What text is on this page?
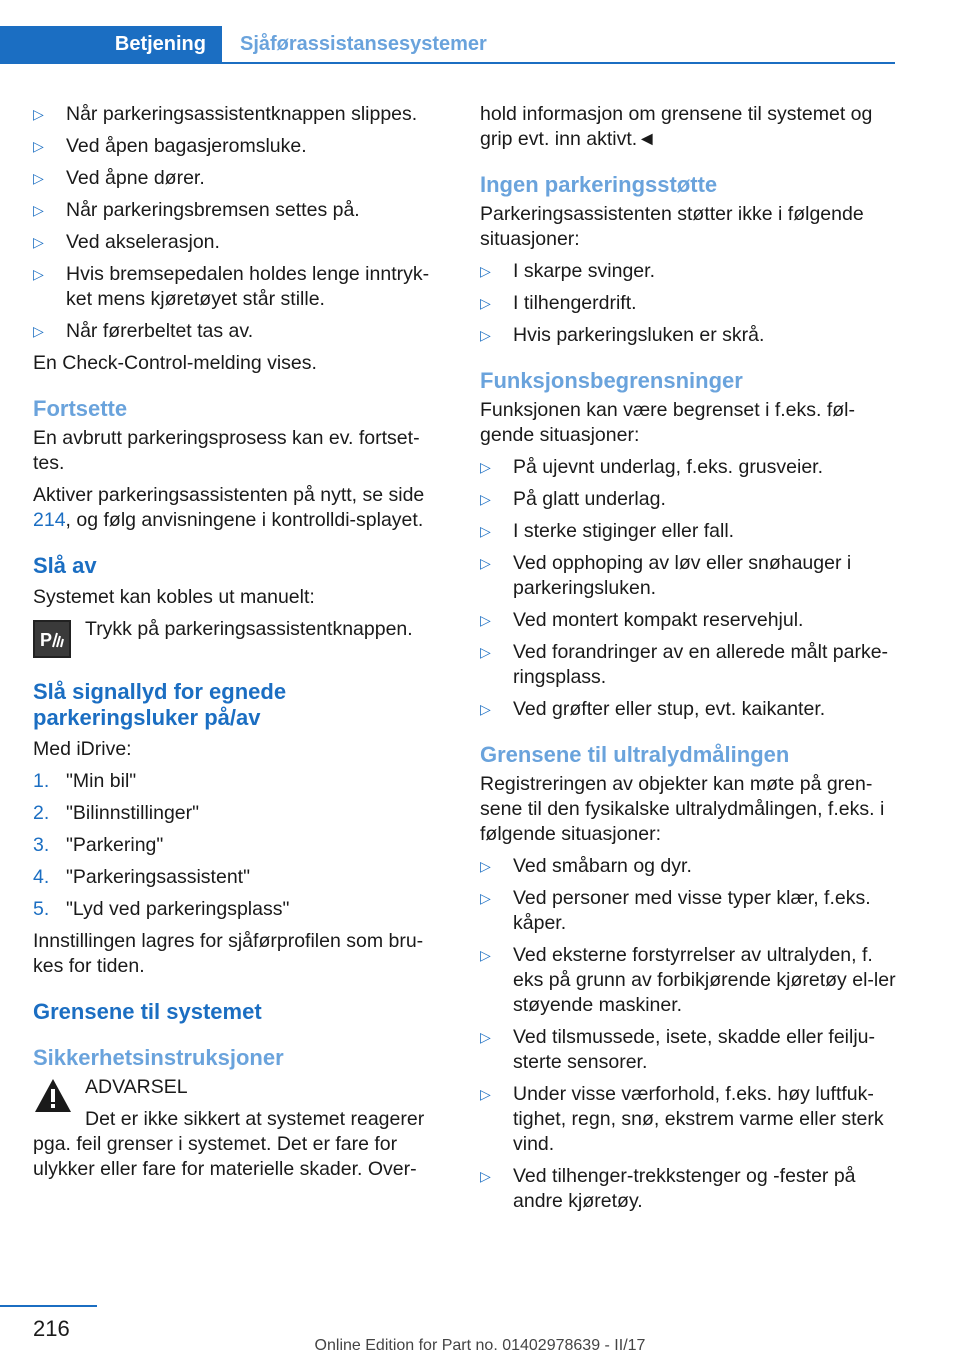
Betjening	Sjåførassistansesystemer
▷ Når parkeringsassistentknappen slippes.
▷ Ved åpen bagasjeromsluke.
▷ Ved åpne dører.
▷ Når parkeringsbremsen settes på.
▷ Ved akselerasjon.
▷ Hvis bremsepedalen holdes lenge inntryk-ket mens kjøretøyet står stille.
▷ Når førerbeltet tas av.
En Check-Control-melding vises.
Fortsette
En avbrutt parkeringsprosess kan ev. fortset-tes.
Aktiver parkeringsassistenten på nytt, se side 214, og følg anvisningene i kontrolldi-splayet.
Slå av
Systemet kan kobles ut manuelt:
P Trykk på parkeringsassistentknappen.
Slå signallyd for egnede parkeringsluker på/av
Med iDrive:
1. "Min bil"
2. "Bilinnstillinger"
3. "Parkering"
4. "Parkeringsassistent"
5. "Lyd ved parkeringsplass"
Innstillingen lagres for sjåførprofilen som bru-kes for tiden.
Grensene til systemet
Sikkerhetsinstruksjoner
ADVARSEL
Det er ikke sikkert at systemet reagerer pga. feil grenser i systemet. Det er fare for ulykker eller fare for materielle skader. Over-
hold informasjon om grensene til systemet og grip evt. inn aktivt.◄
Ingen parkeringsstøtte
Parkeringsassistenten støtter ikke i følgende situasjoner:
▷ I skarpe svinger.
▷ I tilhengerdrift.
▷ Hvis parkeringsluken er skrå.
Funksjonsbegrensninger
Funksjonen kan være begrenset i f.eks. føl-gende situasjoner:
▷ På ujevnt underlag, f.eks. grusveier.
▷ På glatt underlag.
▷ I sterke stiginger eller fall.
▷ Ved opphoping av løv eller snøhauger i parkeringsluken.
▷ Ved montert kompakt reservehjul.
▷ Ved forandringer av en allerede målt parke-ringsplass.
▷ Ved grøfter eller stup, evt. kaikanter.
Grensene til ultralydmålingen
Registreringen av objekter kan møte på gren-sene til den fysikalske ultralydmålingen, f.eks. i følgende situasjoner:
▷ Ved småbarn og dyr.
▷ Ved personer med visse typer klær, f.eks. kåper.
▷ Ved eksterne forstyrrelser av ultralyden, f. eks på grunn av forbikjørende kjøretøy el-ler støyende maskiner.
▷ Ved tilsmussede, isete, skadde eller feilju-sterte sensorer.
▷ Under visse værforhold, f.eks. høy luftfuk-tighet, regn, snø, ekstrem varme eller sterk vind.
▷ Ved tilhenger-trekkstenger og -fester på andre kjøretøy.
216
Online Edition for Part no. 01402978639 - II/17
